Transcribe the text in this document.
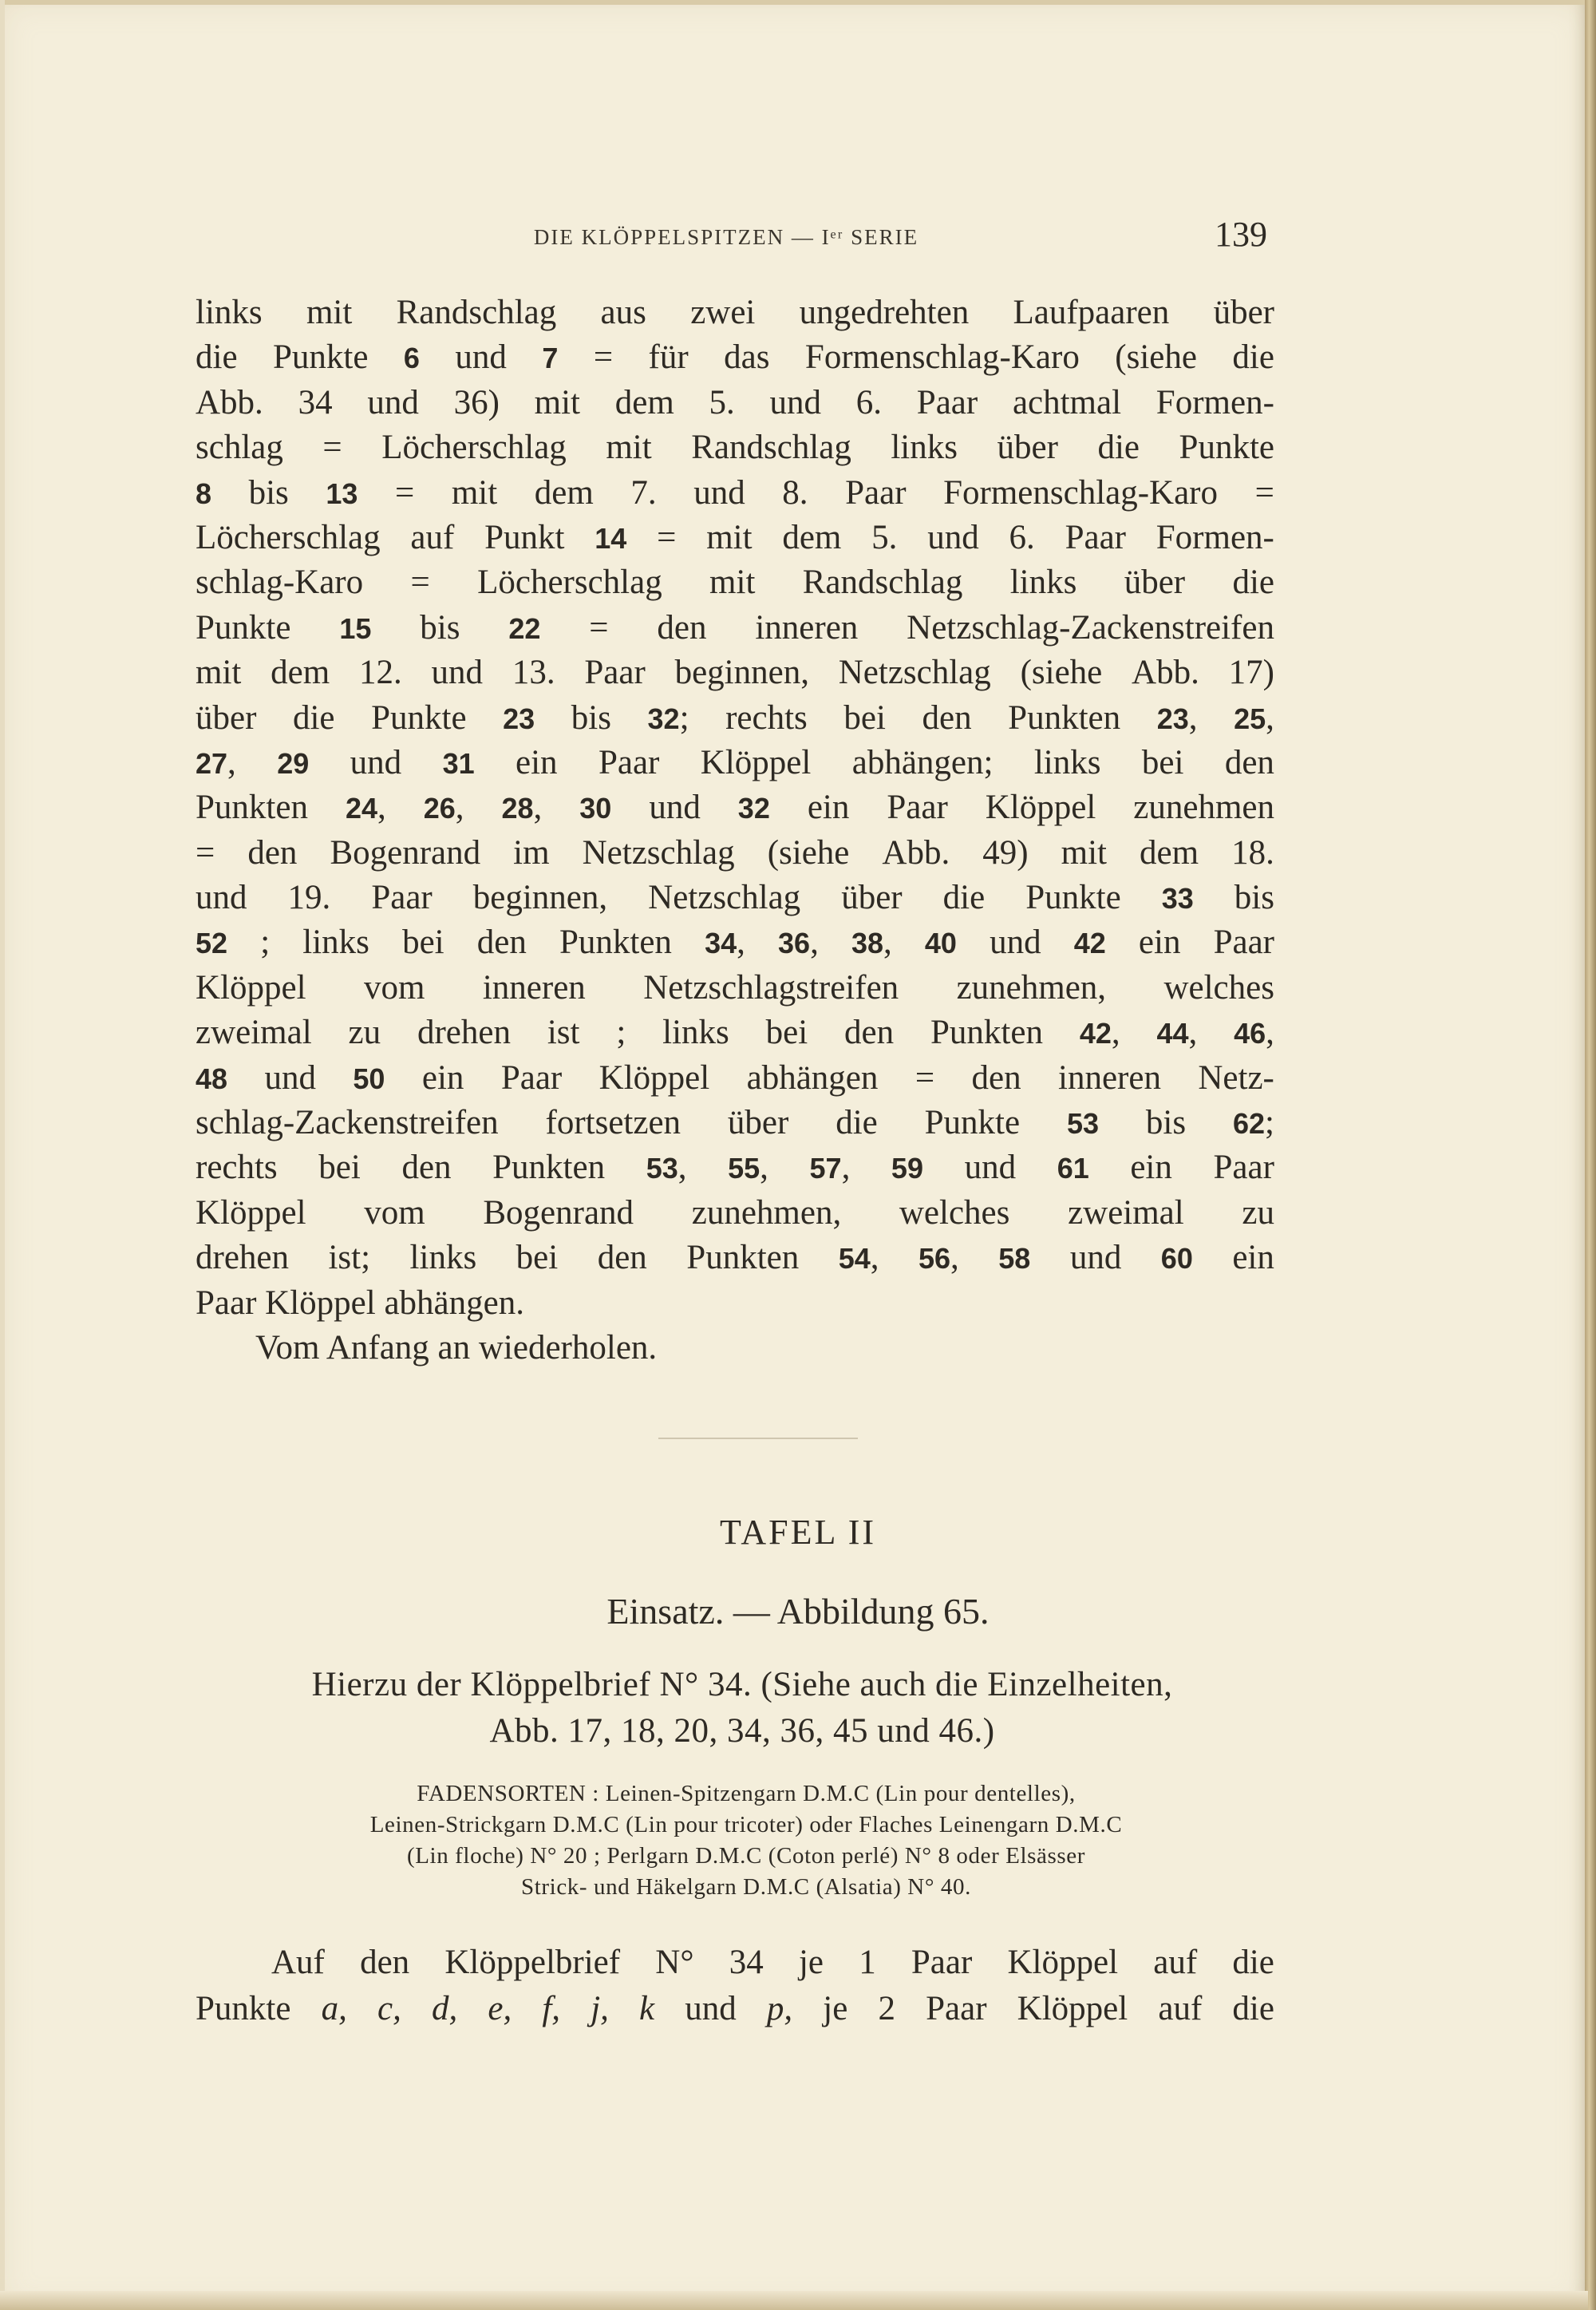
DIE KLÖPPELSPITZEN — Iᵉʳ SERIE	139
links mit Randschlag aus zwei ungedrehten Laufpaaren über
die Punkte 6 und 7 = für das Formenschlag-Karo (siehe die
Abb. 34 und 36) mit dem 5. und 6. Paar achtmal Formen-
schlag = Löcherschlag mit Randschlag links über die Punkte
8 bis 13 = mit dem 7. und 8. Paar Formenschlag-Karo =
Löcherschlag auf Punkt 14 = mit dem 5. und 6. Paar Formen-
schlag-Karo = Löcherschlag mit Randschlag links über die
Punkte 15 bis 22 = den inneren Netzschlag-Zackenstreifen
mit dem 12. und 13. Paar beginnen, Netzschlag (siehe Abb. 17)
über die Punkte 23 bis 32; rechts bei den Punkten 23, 25,
27, 29 und 31 ein Paar Klöppel abhängen; links bei den
Punkten 24, 26, 28, 30 und 32 ein Paar Klöppel zunehmen
= den Bogenrand im Netzschlag (siehe Abb. 49) mit dem 18.
und 19. Paar beginnen, Netzschlag über die Punkte 33 bis
52 ; links bei den Punkten 34, 36, 38, 40 und 42 ein Paar
Klöppel vom inneren Netzschlagstreifen zunehmen, welches
zweimal zu drehen ist ; links bei den Punkten 42, 44, 46,
48 und 50 ein Paar Klöppel abhängen = den inneren Netz-
schlag-Zackenstreifen fortsetzen über die Punkte 53 bis 62;
rechts bei den Punkten 53, 55, 57, 59 und 61 ein Paar
Klöppel vom Bogenrand zunehmen, welches zweimal zu
drehen ist; links bei den Punkten 54, 56, 58 und 60 ein
Paar Klöppel abhängen.
Vom Anfang an wiederholen.
TAFEL II
Einsatz. — Abbildung 65.
Hierzu der Klöppelbrief N° 34. (Siehe auch die Einzelheiten,
Abb. 17, 18, 20, 34, 36, 45 und 46.)
FADENSORTEN : Leinen-Spitzengarn D.M.C (Lin pour dentelles),
Leinen-Strickgarn D.M.C (Lin pour tricoter) oder Flaches Leinengarn D.M.C
(Lin floche) N° 20 ; Perlgarn D.M.C (Coton perlé) N° 8 oder Elsässer
Strick- und Häkelgarn D.M.C (Alsatia) N° 40.
Auf den Klöppelbrief N° 34 je 1 Paar Klöppel auf die
Punkte a, c, d, e, f, j, k und p, je 2 Paar Klöppel auf die
